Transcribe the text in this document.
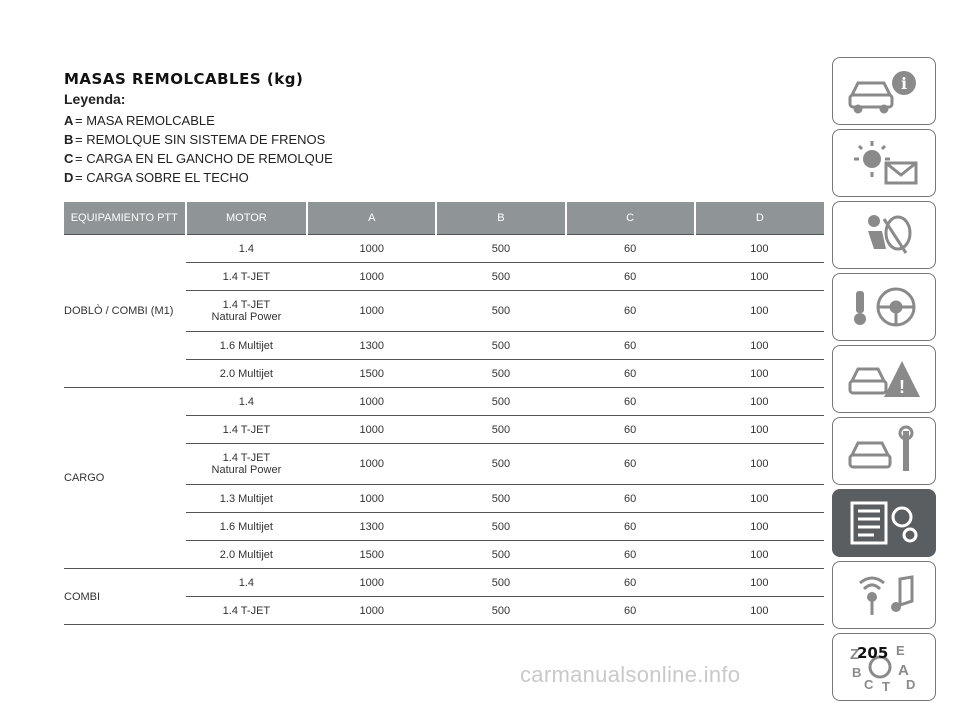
MASAS REMOLCABLES (kg)
Leyenda:
A = MASA REMOLCABLE
B = REMOLQUE SIN SISTEMA DE FRENOS
C = CARGA EN EL GANCHO DE REMOLQUE
D = CARGA SOBRE EL TECHO
EQUIPAMIENTO PTT	MOTOR	A	B	C	D
DOBLÒ / COMBI (M1)	1.4	1000	500	60	100
	1.4 T-JET	1000	500	60	100
	1.4 T-JET Natural Power	1000	500	60	100
	1.6 Multijet	1300	500	60	100
	2.0 Multijet	1500	500	60	100
CARGO	1.4	1000	500	60	100
	1.4 T-JET	1000	500	60	100
	1.4 T-JET Natural Power	1000	500	60	100
	1.3 Multijet	1000	500	60	100
	1.6 Multijet	1300	500	60	100
	2.0 Multijet	1500	500	60	100
COMBI	1.4	1000	500	60	100
	1.4 T-JET	1000	500	60	100
i
!
Z
B
C
E
A
D
T
205
carmanualsonline.info
